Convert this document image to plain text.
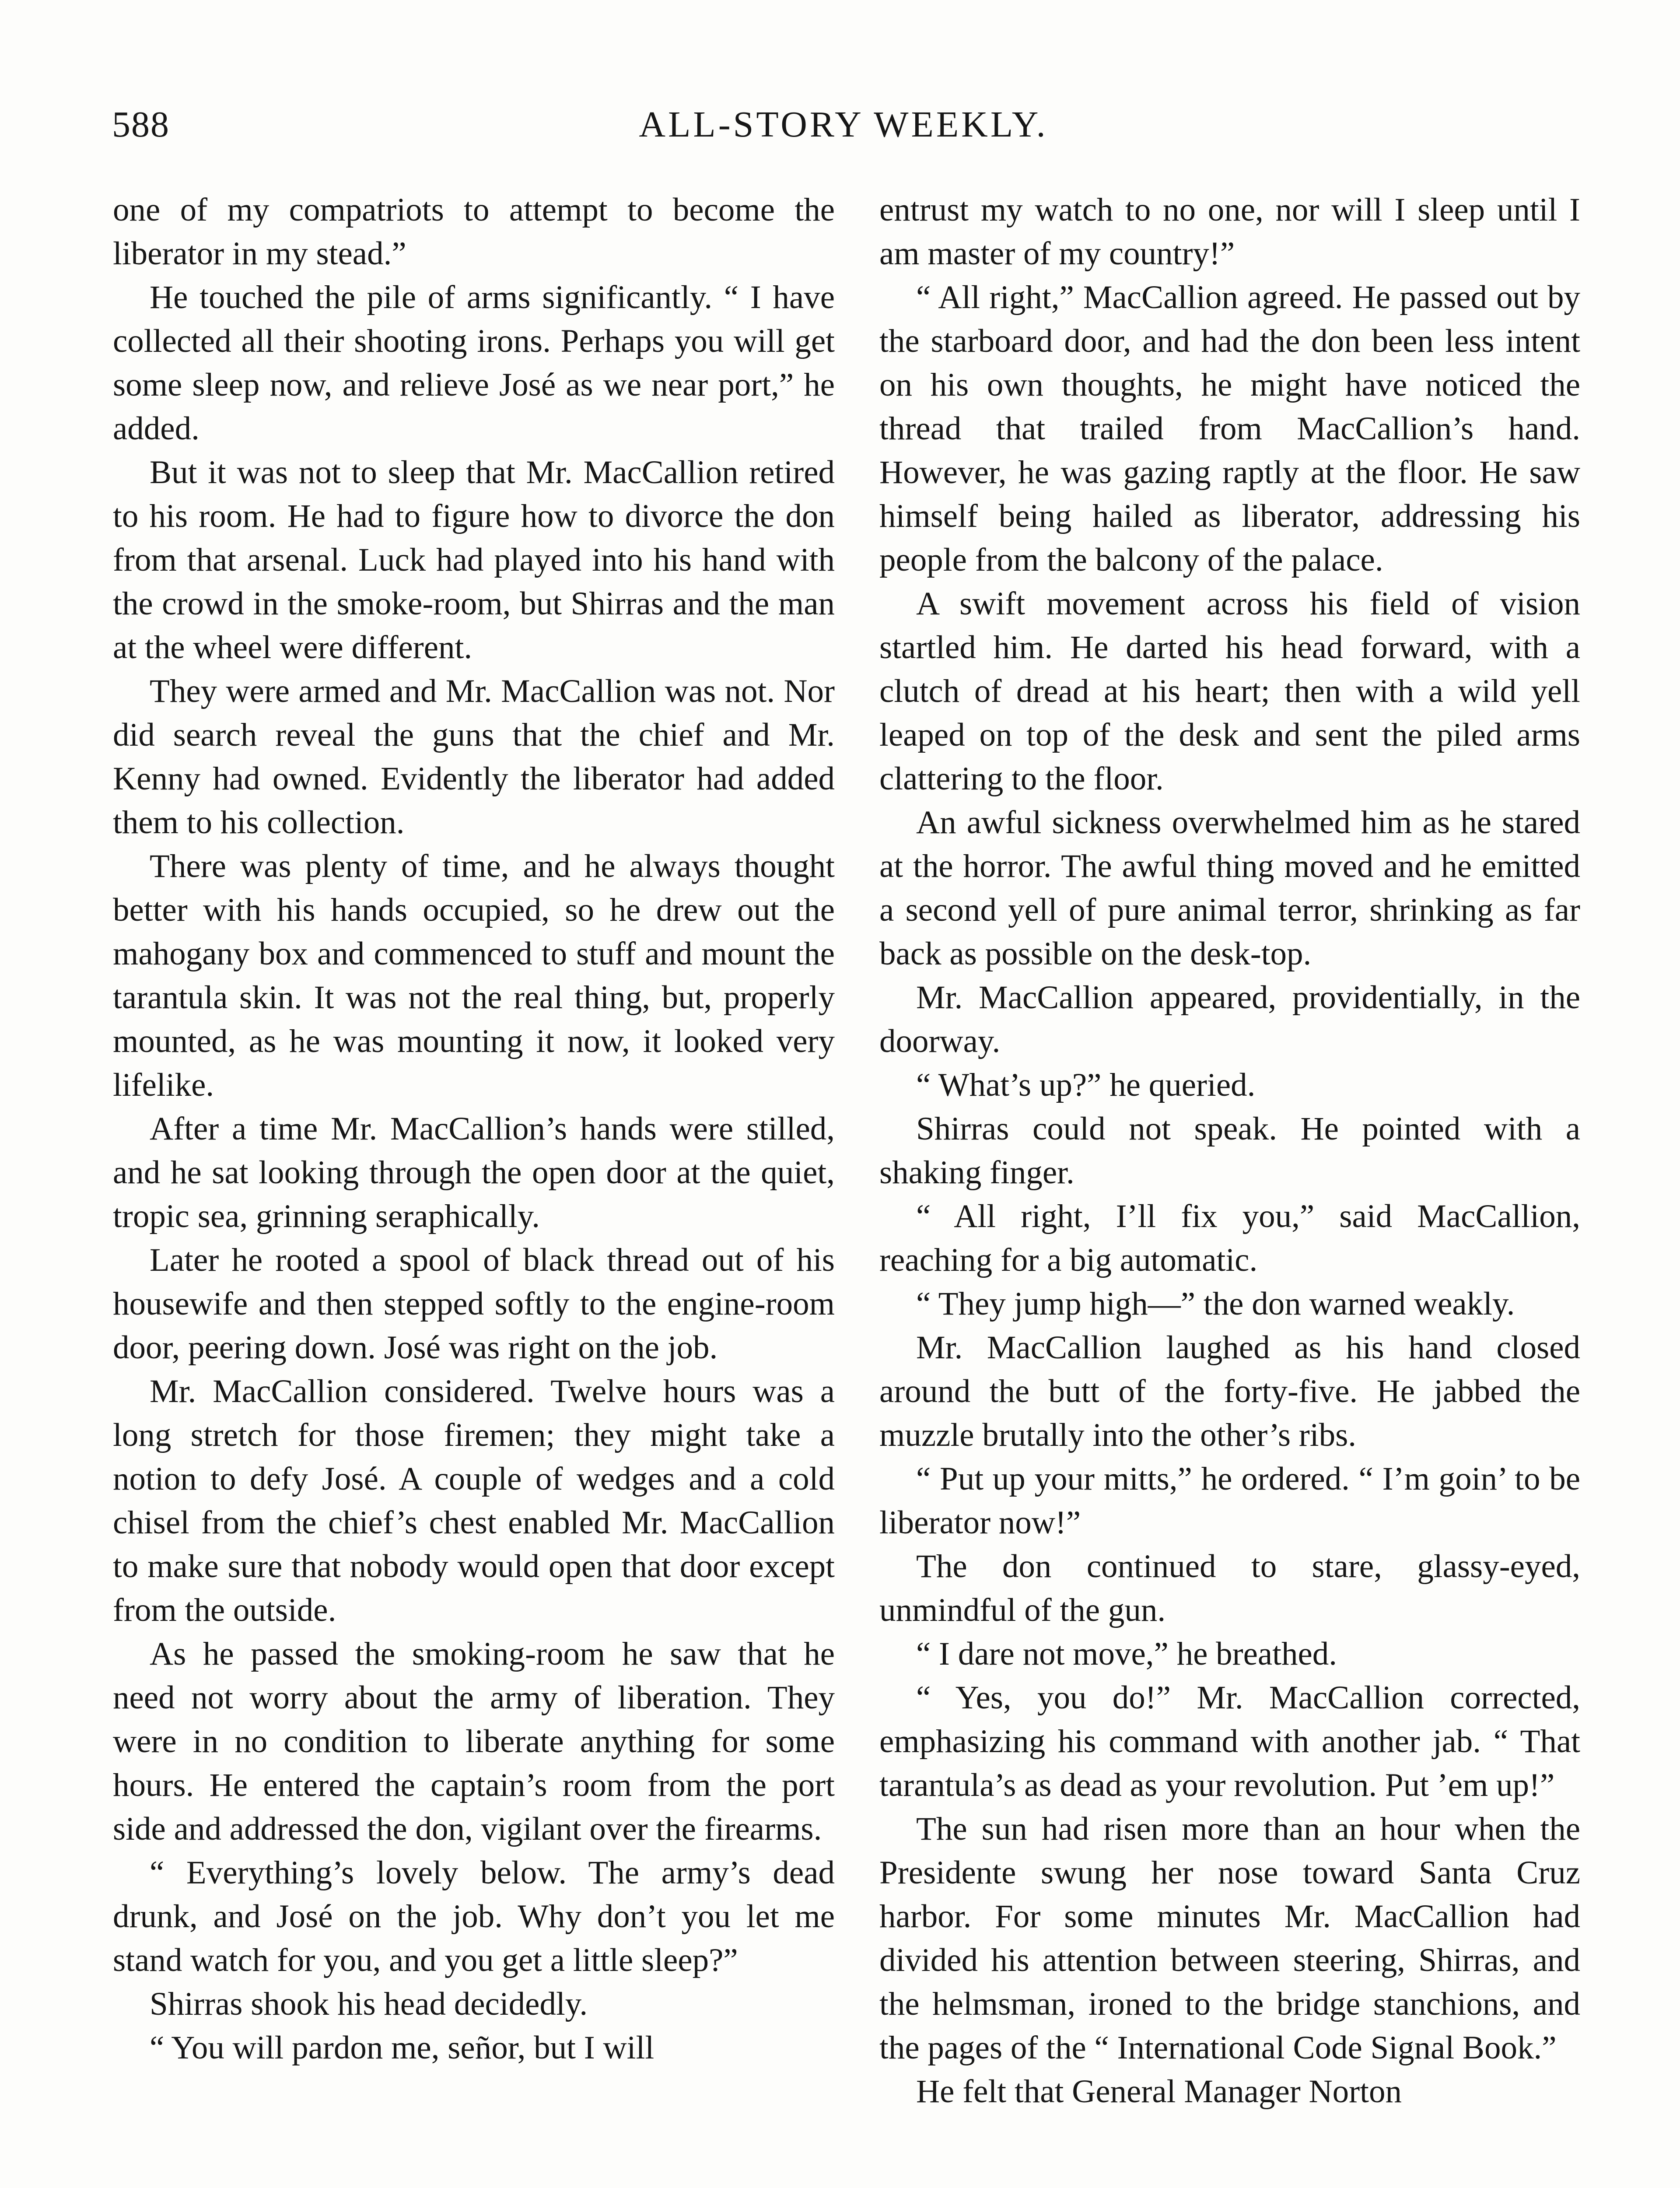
588	ALL-STORY WEEKLY.

one of my compatriots to attempt to become the liberator in my stead.”

He touched the pile of arms significantly. “ I have collected all their shooting irons. Perhaps you will get some sleep now, and relieve José as we near port,” he added.

But it was not to sleep that Mr. MacCallion retired to his room. He had to figure how to divorce the don from that arsenal. Luck had played into his hand with the crowd in the smoke-room, but Shirras and the man at the wheel were different.

They were armed and Mr. MacCallion was not. Nor did search reveal the guns that the chief and Mr. Kenny had owned. Evidently the liberator had added them to his collection.

There was plenty of time, and he always thought better with his hands occupied, so he drew out the mahogany box and commenced to stuff and mount the tarantula skin. It was not the real thing, but, properly mounted, as he was mounting it now, it looked very lifelike.

After a time Mr. MacCallion’s hands were stilled, and he sat looking through the open door at the quiet, tropic sea, grinning seraphically.

Later he rooted a spool of black thread out of his housewife and then stepped softly to the engine-room door, peering down. José was right on the job.

Mr. MacCallion considered. Twelve hours was a long stretch for those firemen; they might take a notion to defy José. A couple of wedges and a cold chisel from the chief’s chest enabled Mr. MacCallion to make sure that nobody would open that door except from the outside.

As he passed the smoking-room he saw that he need not worry about the army of liberation. They were in no condition to liberate anything for some hours. He entered the captain’s room from the port side and addressed the don, vigilant over the firearms.

“ Everything’s lovely below. The army’s dead drunk, and José on the job. Why don’t you let me stand watch for you, and you get a little sleep?”

Shirras shook his head decidedly.

“ You will pardon me, señor, but I will

entrust my watch to no one, nor will I sleep until I am master of my country!”

“ All right,” MacCallion agreed. He passed out by the starboard door, and had the don been less intent on his own thoughts, he might have noticed the thread that trailed from MacCallion’s hand. However, he was gazing raptly at the floor. He saw himself being hailed as liberator, addressing his people from the balcony of the palace.

A swift movement across his field of vision startled him. He darted his head forward, with a clutch of dread at his heart; then with a wild yell leaped on top of the desk and sent the piled arms clattering to the floor.

An awful sickness overwhelmed him as he stared at the horror. The awful thing moved and he emitted a second yell of pure animal terror, shrinking as far back as possible on the desk-top.

Mr. MacCallion appeared, providentially, in the doorway.

“ What’s up?” he queried.

Shirras could not speak. He pointed with a shaking finger.

“ All right, I’ll fix you,” said MacCallion, reaching for a big automatic.

“ They jump high—” the don warned weakly.

Mr. MacCallion laughed as his hand closed around the butt of the forty-five. He jabbed the muzzle brutally into the other’s ribs.

“ Put up your mitts,” he ordered. “ I’m goin’ to be liberator now!”

The don continued to stare, glassy-eyed, unmindful of the gun.

“ I dare not move,” he breathed.

“ Yes, you do!” Mr. MacCallion corrected, emphasizing his command with another jab. “ That tarantula’s as dead as your revolution. Put ’em up!”

The sun had risen more than an hour when the Presidente swung her nose toward Santa Cruz harbor. For some minutes Mr. MacCallion had divided his attention between steering, Shirras, and the helmsman, ironed to the bridge stanchions, and the pages of the “ International Code Signal Book.”

He felt that General Manager Norton
